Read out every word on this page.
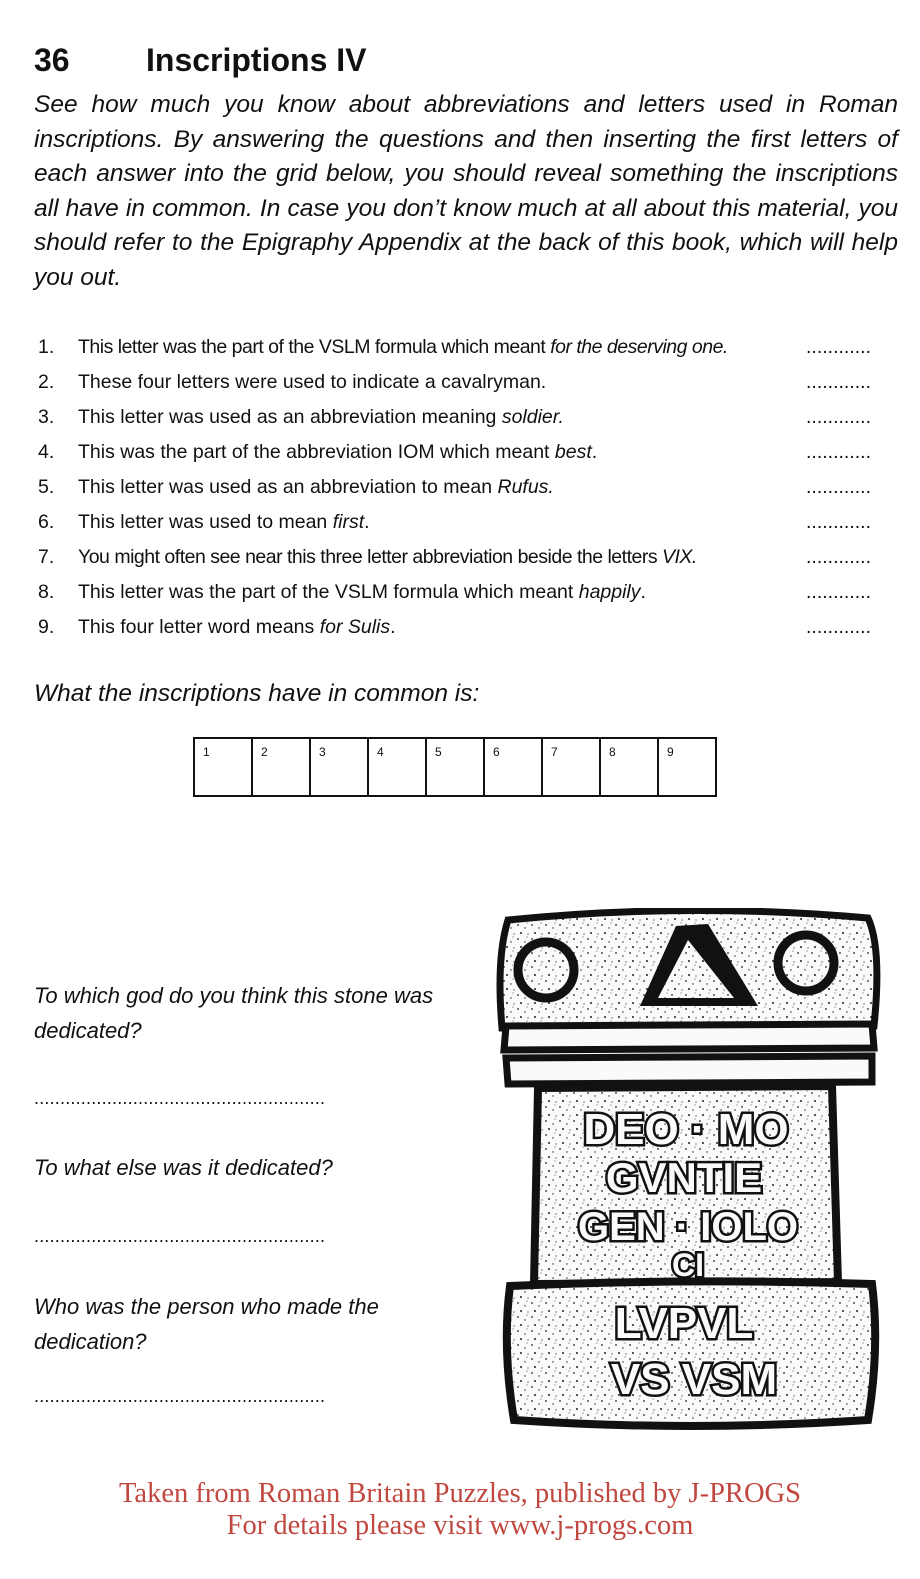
36 Inscriptions IV

See how much you know about abbreviations and letters used in Roman inscriptions. By answering the questions and then inserting the first letters of each answer into the grid below, you should reveal something the inscriptions all have in common. In case you don’t know much at all about this material, you should refer to the Epigraphy Appendix at the back of this book, which will help you out.

1. This letter was the part of the VSLM formula which meant for the deserving one.	............
2. These four letters were used to indicate a cavalryman.	............
3. This letter was used as an abbreviation meaning soldier.	............
4. This was the part of the abbreviation IOM which meant best.	............
5. This letter was used as an abbreviation to mean Rufus.	............
6. This letter was used to mean first.	............
7. You might often see near this three letter abbreviation beside the letters VIX.	............
8. This letter was the part of the VSLM formula which meant happily.	............
9. This four letter word means for Sulis.	............
What the inscriptions have in common is:
1	2	3	4	5	6	7	8	9
To which god do you think this stone was dedicated?
........................................................
To what else was it dedicated?
........................................................
Who was the person who made the dedication?
........................................................
DEO · MO
GVNTIE
GEN · IOLO
CI
LVPVL
VS VSM
Taken from Roman Britain Puzzles, published by J-PROGS
For details please visit www.j-progs.com
